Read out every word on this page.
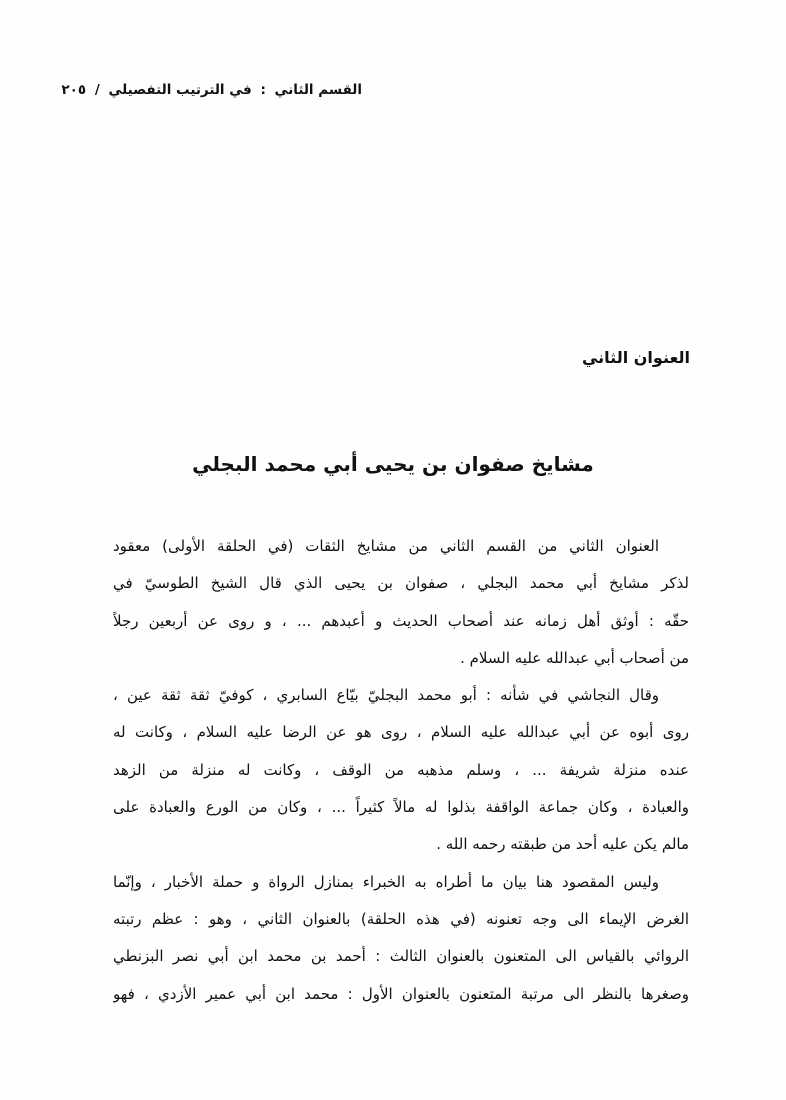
القسم الثاني : في الترتيب التفصيلي / ٢٠٥
العنوان الثاني
مشايخ صفوان بن يحيى أبي محمد البجلي
العنوان الثاني من القسم الثاني من مشايخ الثقات (في الحلقة الأولى) معقود
لذكر مشايخ أبي محمد البجلي ، صفوان بن يحيى الذي قال الشيخ الطوسيّ في
حقّه : أوثق أهل زمانه عند أصحاب الحديث و أعبدهم ... ، و روى عن أربعين رجلاً
من أصحاب أبي عبدالله عليه السلام .
وقال النجاشي في شأنه : أبو محمد البجليّ بيّاع السابري ، كوفيّ ثقة ثقة عين ،
روى أبوه عن أبي عبدالله عليه السلام ، روى هو عن الرضا عليه السلام ، وكانت له
عنده منزلة شريفة ... ، وسلم مذهبه من الوقف ، وكانت له منزلة من الزهد
والعبادة ، وكان جماعة الواقفة بذلوا له مالاً كثيراً ... ، وكان من الورع والعبادة على
مالم يكن عليه أحد من طبقته رحمه الله .
وليس المقصود هنا بيان ما أطراه به الخبراء بمنازل الرواة و حملة الأخبار ، وإنّما
الغرض الإيماء الى وجه تعنونه (في هذه الحلقة) بالعنوان الثاني ، وهو : عظم رتبته
الروائي بالقياس الى المتعنون بالعنوان الثالث : أحمد بن محمد ابن أبي نصر البزنطي
وصغرها بالنظر الى مرتبة المتعنون بالعنوان الأول : محمد ابن أبي عمير الأزدي ، فهو
